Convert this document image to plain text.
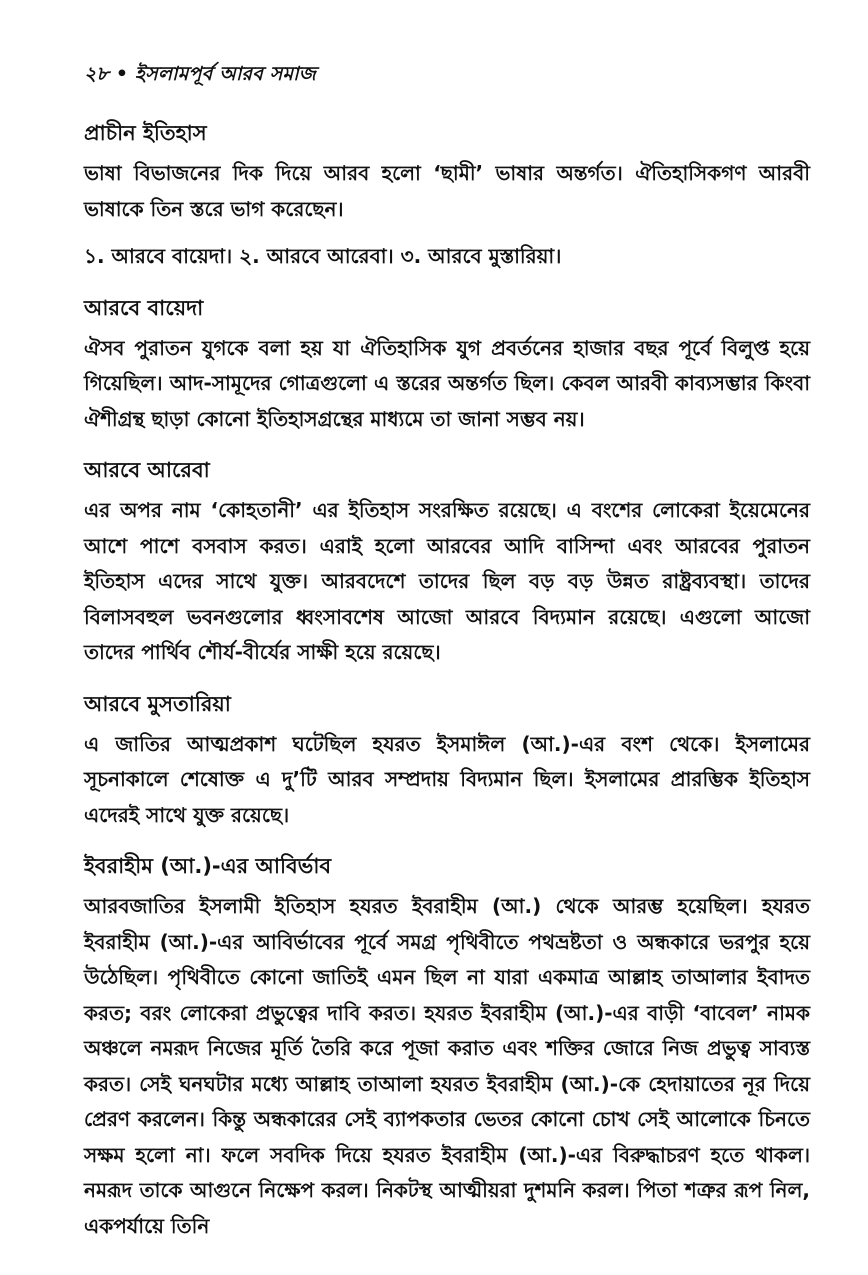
২৮ • ইসলামপূর্ব আরব সমাজ
প্রাচীন ইতিহাস

ভাষা বিভাজনের দিক দিয়ে আরব হলো ‘ছামী’ ভাষার অন্তর্গত। ঐতিহাসিকগণ আরবী ভাষাকে তিন স্তরে ভাগ করেছেন।

১. আরবে বায়েদা। ২. আরবে আরেবা। ৩. আরবে মুস্তারিয়া।

আরবে বায়েদা

ঐসব পুরাতন যুগকে বলা হয় যা ঐতিহাসিক যুগ প্রবর্তনের হাজার বছর পূর্বে বিলুপ্ত হয়ে গিয়েছিল। আদ-সামূদের গোত্রগুলো এ স্তরের অন্তর্গত ছিল। কেবল আরবী কাব্যসম্ভার কিংবা ঐশীগ্রন্থ ছাড়া কোনো ইতিহাসগ্রন্থের মাধ্যমে তা জানা সম্ভব নয়।

আরবে আরেবা

এর অপর নাম ‘কোহতানী’ এর ইতিহাস সংরক্ষিত রয়েছে। এ বংশের লোকেরা ইয়েমেনের আশে পাশে বসবাস করত। এরাই হলো আরবের আদি বাসিন্দা এবং আরবের পুরাতন ইতিহাস এদের সাথে যুক্ত। আরবদেশে তাদের ছিল বড় বড় উন্নত রাষ্ট্রব্যবস্থা। তাদের বিলাসবহুল ভবনগুলোর ধ্বংসাবশেষ আজো আরবে বিদ্যমান রয়েছে। এগুলো আজো তাদের পার্থিব শৌর্য-বীর্যের সাক্ষী হয়ে রয়েছে।

আরবে মুসতারিয়া

এ জাতির আত্মপ্রকাশ ঘটেছিল হযরত ইসমাঈল (আ.)-এর বংশ থেকে। ইসলামের সূচনাকালে শেষোক্ত এ দু’টি আরব সম্প্রদায় বিদ্যমান ছিল। ইসলামের প্রারম্ভিক ইতিহাস এদেরই সাথে যুক্ত রয়েছে।

ইবরাহীম (আ.)-এর আবির্ভাব

আরবজাতির ইসলামী ইতিহাস হযরত ইবরাহীম (আ.) থেকে আরম্ভ হয়েছিল। হযরত ইবরাহীম (আ.)-এর আবির্ভাবের পূর্বে সমগ্র পৃথিবীতে পথভ্রষ্টতা ও অন্ধকারে ভরপুর হয়ে উঠেছিল। পৃথিবীতে কোনো জাতিই এমন ছিল না যারা একমাত্র আল্লাহ তাআলার ইবাদত করত; বরং লোকেরা প্রভুত্বের দাবি করত। হযরত ইবরাহীম (আ.)-এর বাড়ী ‘বাবেল’ নামক অঞ্চলে নমরূদ নিজের মূর্তি তৈরি করে পূজা করাত এবং শক্তির জোরে নিজ প্রভুত্ব সাব্যস্ত করত। সেই ঘনঘটার মধ্যে আল্লাহ তাআলা হযরত ইবরাহীম (আ.)-কে হেদায়াতের নূর দিয়ে প্রেরণ করলেন। কিন্তু অন্ধকারের সেই ব্যাপকতার ভেতর কোনো চোখ সেই আলোকে চিনতে সক্ষম হলো না। ফলে সবদিক দিয়ে হযরত ইবরাহীম (আ.)-এর বিরুদ্ধাচরণ হতে থাকল। নমরূদ তাকে আগুনে নিক্ষেপ করল। নিকটস্থ আত্মীয়রা দুশমনি করল। পিতা শত্রুর রূপ নিল, একপর্যায়ে তিনি
